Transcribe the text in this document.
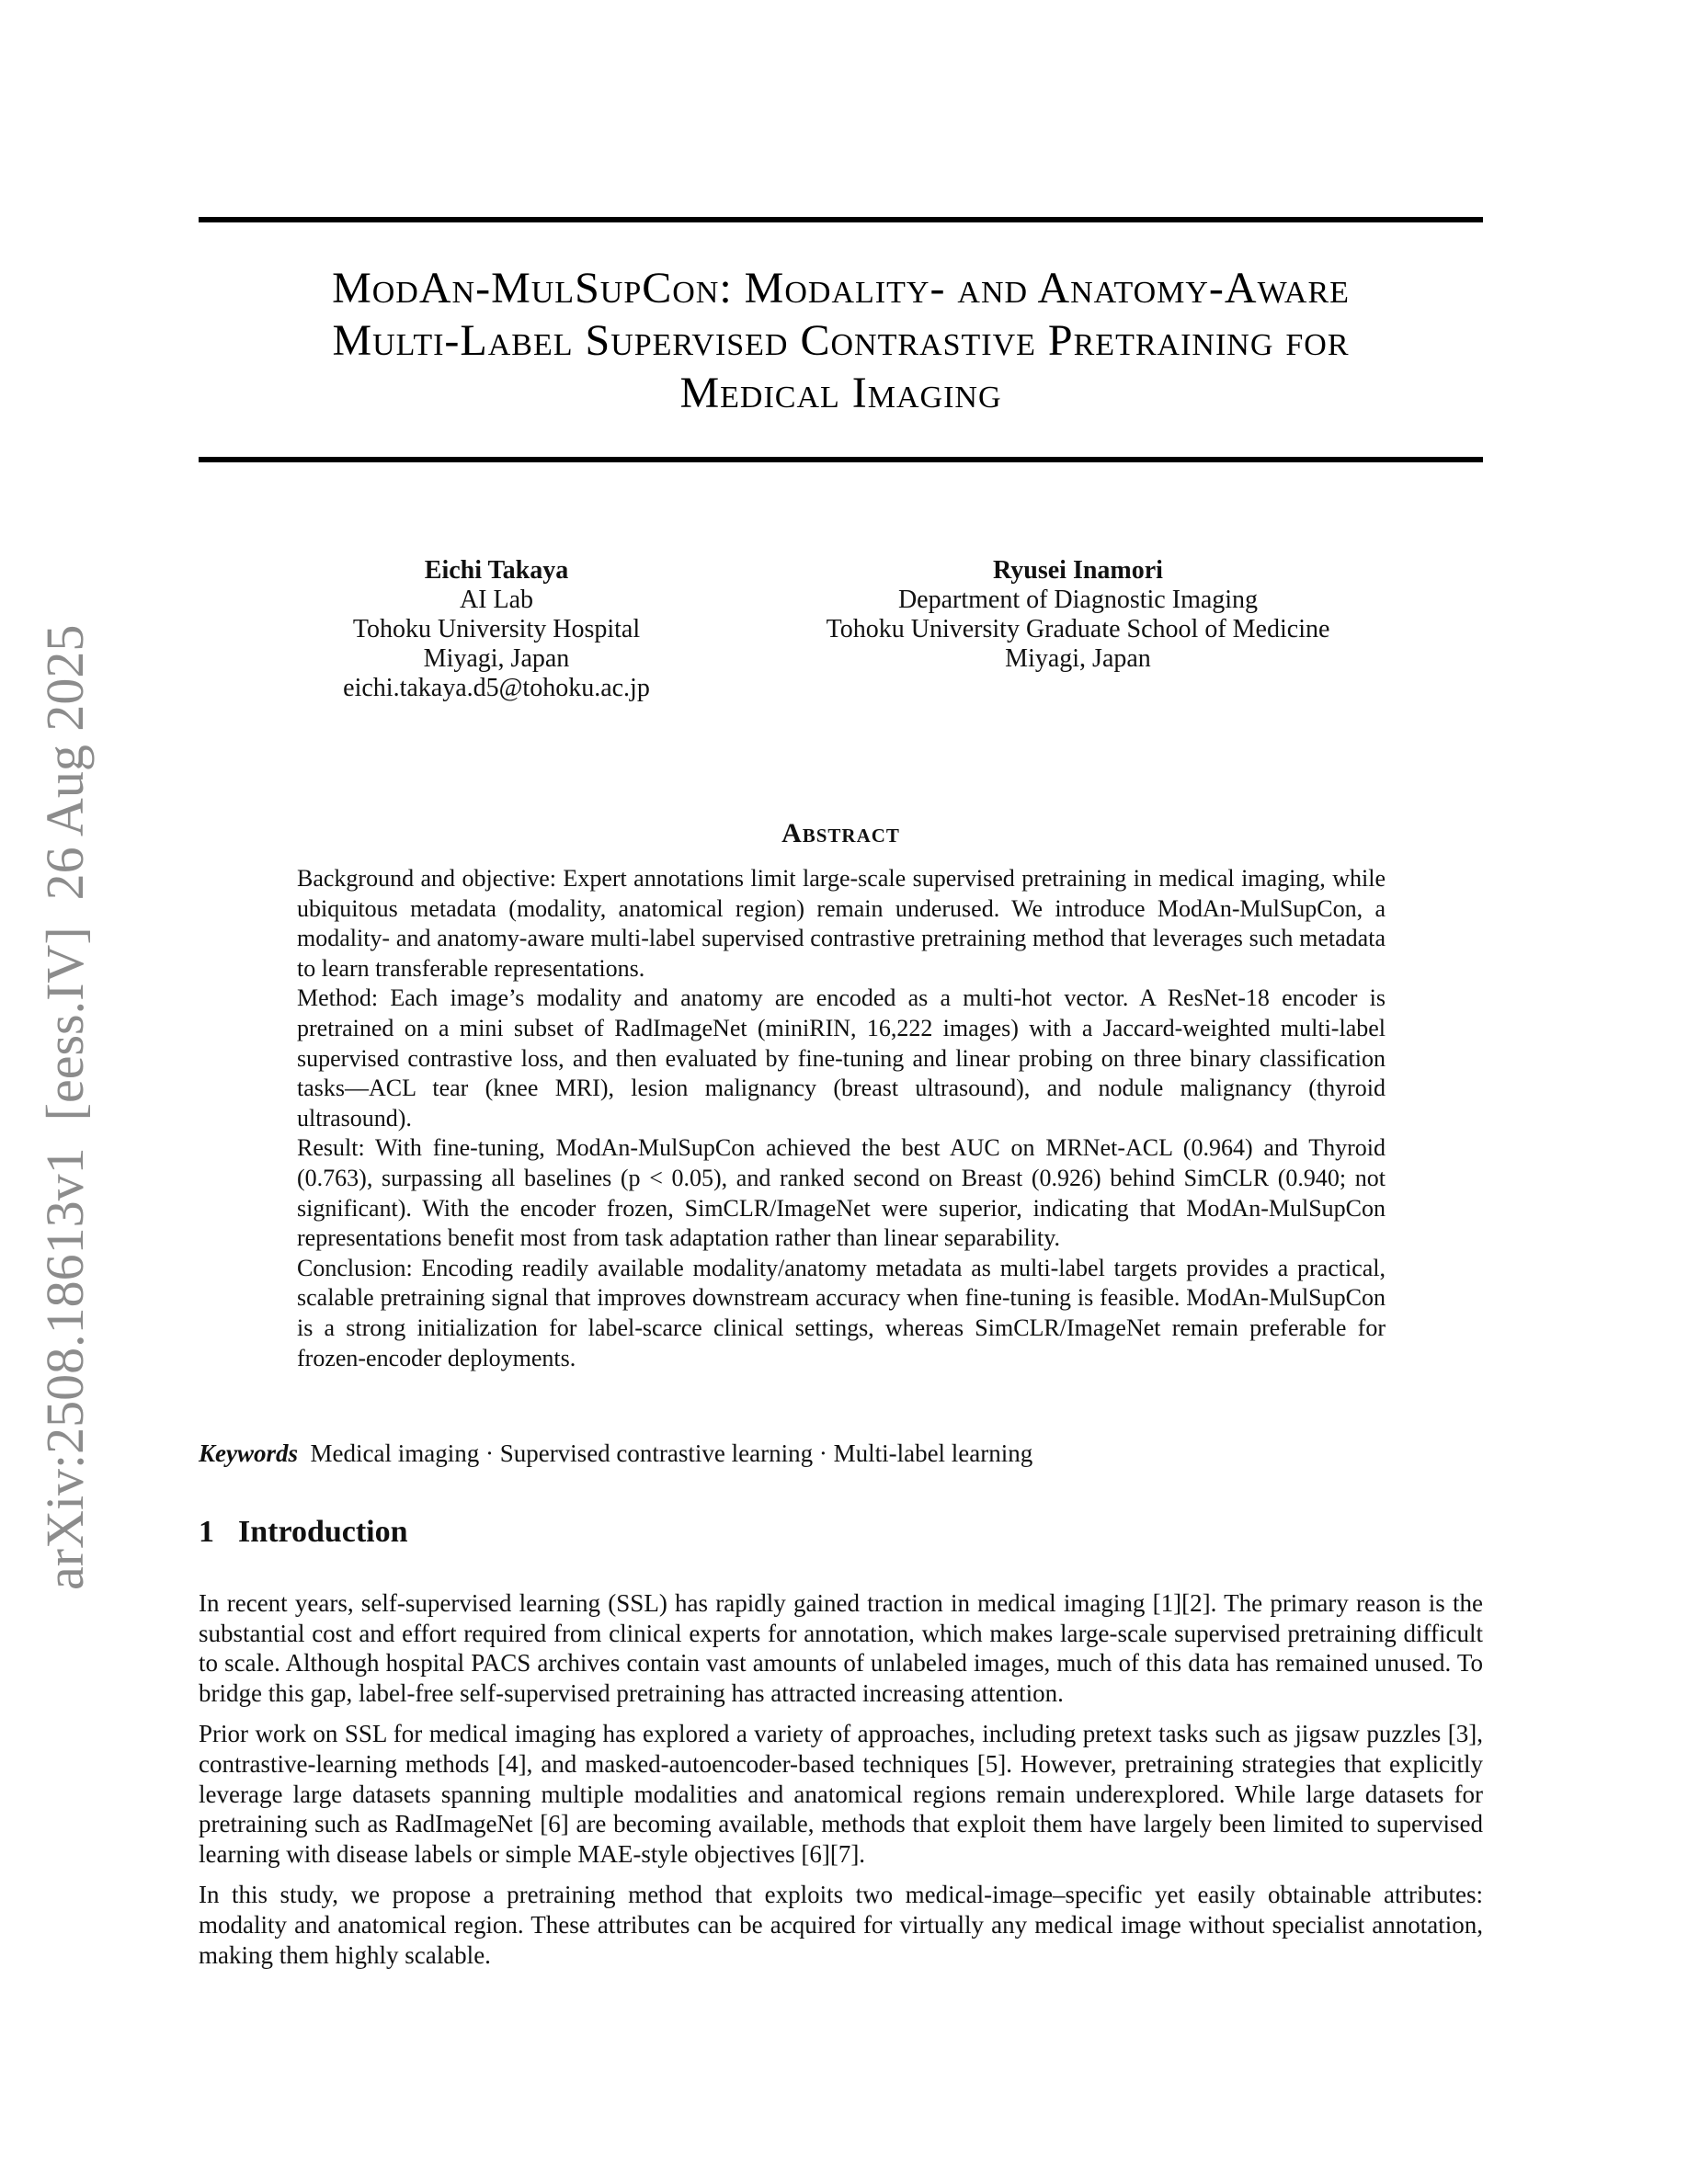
arXiv:2508.18613v1  [eess.IV]  26 Aug 2025
ModAn-MulSupCon: Modality- and Anatomy-Aware
Multi-Label Supervised Contrastive Pretraining for
Medical Imaging
Eichi Takaya
AI Lab
Tohoku University Hospital
Miyagi, Japan
eichi.takaya.d5@tohoku.ac.jp
Ryusei Inamori
Department of Diagnostic Imaging
Tohoku University Graduate School of Medicine
Miyagi, Japan
Abstract

Background and objective: Expert annotations limit large-scale supervised pretraining in medical imaging, while ubiquitous metadata (modality, anatomical region) remain underused. We introduce ModAn-MulSupCon, a modality- and anatomy-aware multi-label supervised contrastive pretraining method that leverages such metadata to learn transferable representations.

Method: Each image’s modality and anatomy are encoded as a multi-hot vector. A ResNet-18 encoder is pretrained on a mini subset of RadImageNet (miniRIN, 16,222 images) with a Jaccard-weighted multi-label supervised contrastive loss, and then evaluated by fine-tuning and linear probing on three binary classification tasks—ACL tear (knee MRI), lesion malignancy (breast ultrasound), and nodule malignancy (thyroid ultrasound).

Result: With fine-tuning, ModAn-MulSupCon achieved the best AUC on MRNet-ACL (0.964) and Thyroid (0.763), surpassing all baselines (p < 0.05), and ranked second on Breast (0.926) behind SimCLR (0.940; not significant). With the encoder frozen, SimCLR/ImageNet were superior, indicating that ModAn-MulSupCon representations benefit most from task adaptation rather than linear separability.

Conclusion: Encoding readily available modality/anatomy metadata as multi-label targets provides a practical, scalable pretraining signal that improves downstream accuracy when fine-tuning is feasible. ModAn-MulSupCon is a strong initialization for label-scarce clinical settings, whereas SimCLR/ImageNet remain preferable for frozen-encoder deployments.

Keywords Medical imaging · Supervised contrastive learning · Multi-label learning
1 Introduction

In recent years, self-supervised learning (SSL) has rapidly gained traction in medical imaging [1][2]. The primary reason is the substantial cost and effort required from clinical experts for annotation, which makes large-scale supervised pretraining difficult to scale. Although hospital PACS archives contain vast amounts of unlabeled images, much of this data has remained unused. To bridge this gap, label-free self-supervised pretraining has attracted increasing attention.

Prior work on SSL for medical imaging has explored a variety of approaches, including pretext tasks such as jigsaw puzzles [3], contrastive-learning methods [4], and masked-autoencoder-based techniques [5]. However, pretraining strategies that explicitly leverage large datasets spanning multiple modalities and anatomical regions remain underexplored. While large datasets for pretraining such as RadImageNet [6] are becoming available, methods that exploit them have largely been limited to supervised learning with disease labels or simple MAE-style objectives [6][7].

In this study, we propose a pretraining method that exploits two medical-image–specific yet easily obtainable attributes: modality and anatomical region. These attributes can be acquired for virtually any medical image without specialist annotation, making them highly scalable.
